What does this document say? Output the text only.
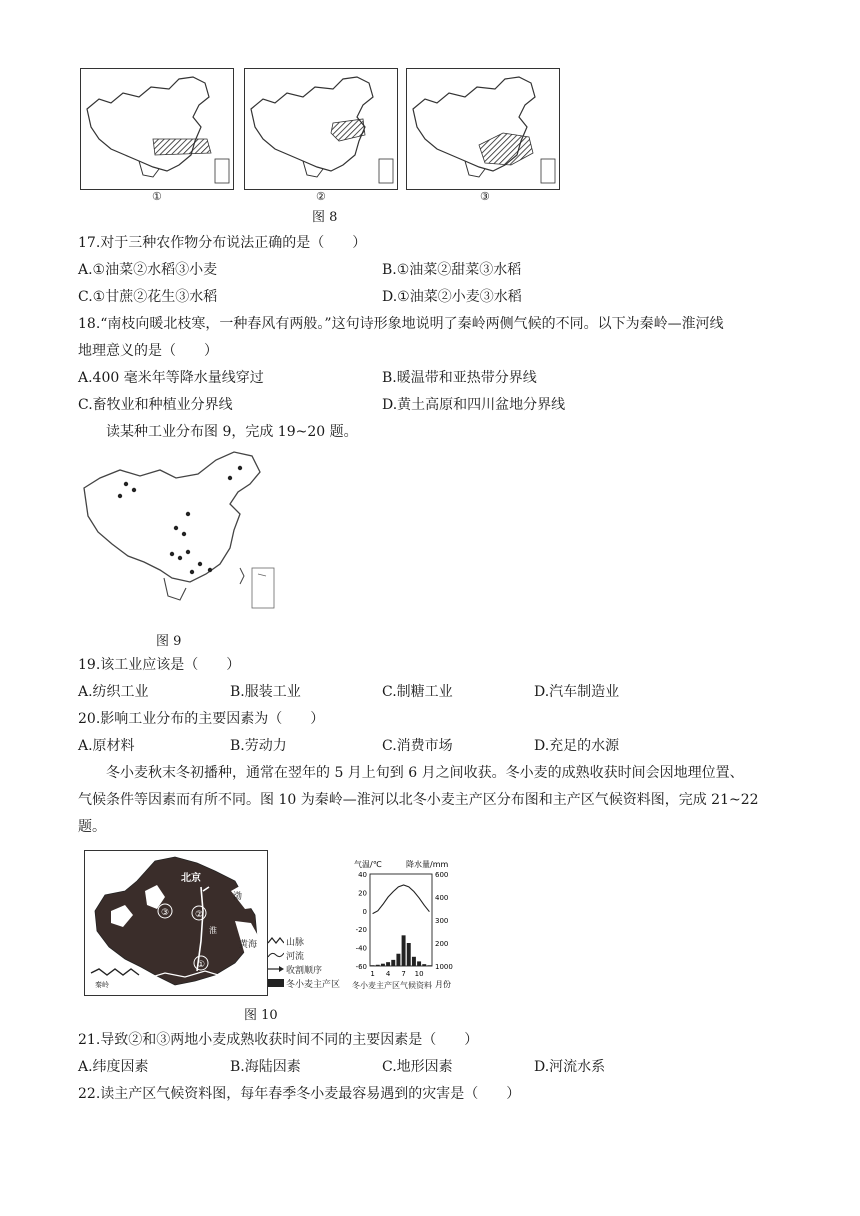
①	②	③
图 8
17.对于三种农作物分布说法正确的是（　　）
A.①油菜②水稻③小麦	B.①油菜②甜菜③水稻
C.①甘蔗②花生③水稻	D.①油菜②小麦③水稻
18.“南枝向暖北枝寒，一种春风有两般。”这句诗形象地说明了秦岭两侧气候的不同。以下为秦岭—淮河线
地理意义的是（　　）
A.400 毫米年等降水量线穿过	B.暖温带和亚热带分界线
C.畜牧业和种植业分界线	D.黄土高原和四川盆地分界线
读某种工业分布图 9，完成 19~20 题。
图 9
19.该工业应该是（　　）
A.纺织工业	B.服装工业	C.制糖工业	D.汽车制造业
20.影响工业分布的主要因素为（　　）
A.原材料	B.劳动力	C.消费市场	D.充足的水源
冬小麦秋末冬初播种，通常在翌年的 5 月上旬到 6 月之间收获。冬小麦的成熟收获时间会因地理位置、
气候条件等因素而有所不同。图 10 为秦岭—淮河以北冬小麦主产区分布图和主产区气候资料图，完成 21~22
题。
①
②
③
北京
渤
黄海
秦岭
淮
山脉
河流
收割顺序
冬小麦主产区
气温/℃	降水量/mm
40
20
0
-20
-40
-60
600
400
300
200
1000
1 4 7 10
月份
冬小麦主产区气候资料
图 10
21.导致②和③两地小麦成熟收获时间不同的主要因素是（　　）
A.纬度因素	B.海陆因素	C.地形因素	D.河流水系
22.读主产区气候资料图，每年春季冬小麦最容易遇到的灾害是（　　）
